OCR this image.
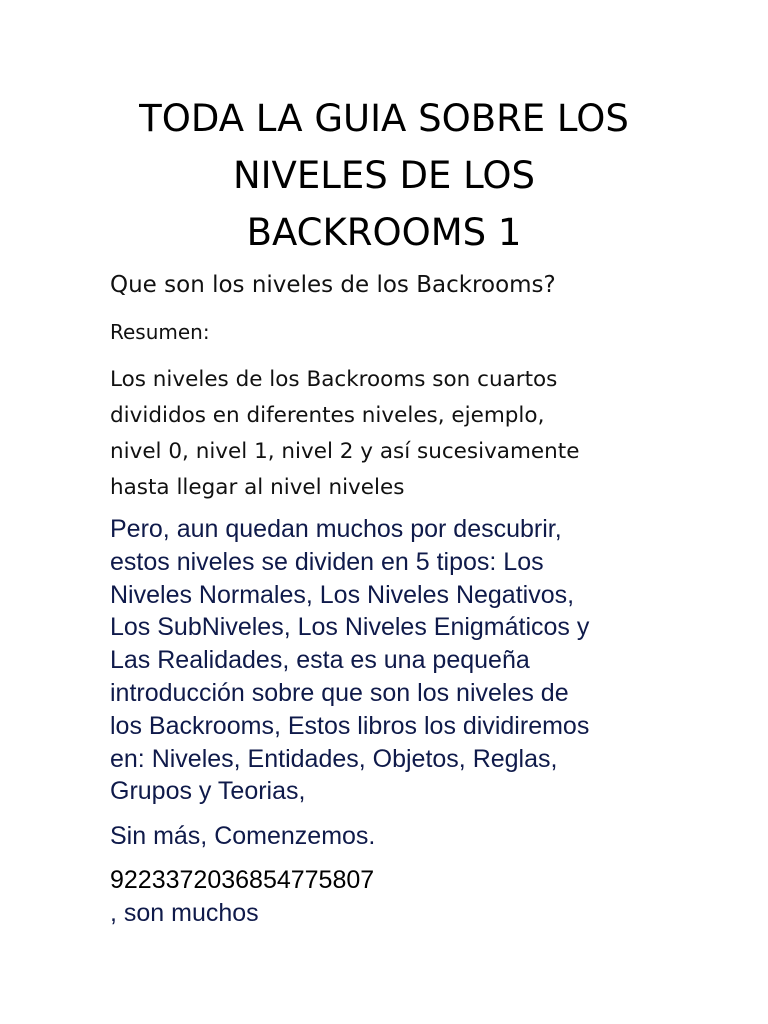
TODA LA GUIA SOBRE LOS
NIVELES DE LOS
BACKROOMS 1

Que son los niveles de los Backrooms?

Resumen:

Los niveles de los Backrooms son cuartos
divididos en diferentes niveles, ejemplo,
nivel 0, nivel 1, nivel 2 y así sucesivamente
hasta llegar al nivel niveles

Pero, aun quedan muchos por descubrir,
estos niveles se dividen en 5 tipos: Los
Niveles Normales, Los Niveles Negativos,
Los SubNiveles, Los Niveles Enigmáticos y
Las Realidades, esta es una pequeña
introducción sobre que son los niveles de
los Backrooms, Estos libros los dividiremos
en: Niveles, Entidades, Objetos, Reglas,
Grupos y Teorias,

Sin más, Comenzemos.

9223372036854775807
, son muchos
